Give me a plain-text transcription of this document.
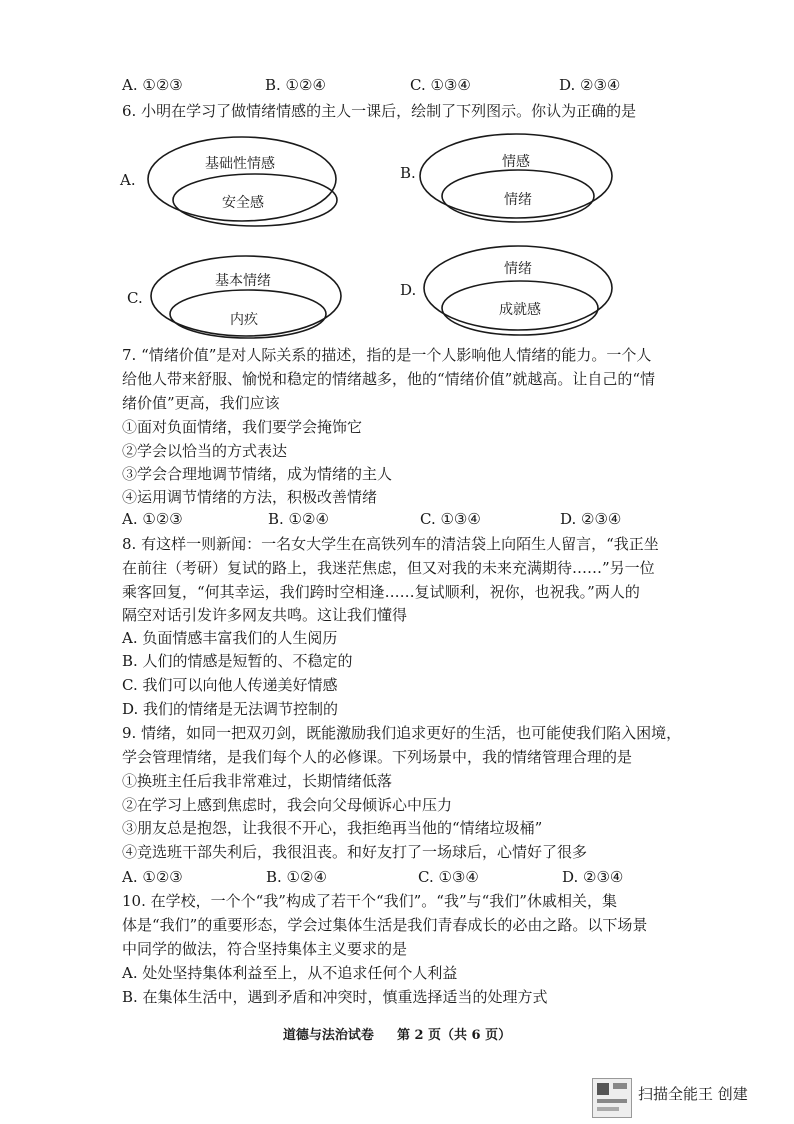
A. ①②③	B. ①②④	C. ①③④	D. ②③④
6. 小明在学习了做情绪情感的主人一课后，绘制了下列图示。你认为正确的是
A.
基础性情感
安全感
B.
情感
情绪
C.
基本情绪
内疚
D.
情绪
成就感
7. “情绪价值”是对人际关系的描述，指的是一个人影响他人情绪的能力。一个人
给他人带来舒服、愉悦和稳定的情绪越多，他的“情绪价值”就越高。让自己的“情
绪价值”更高，我们应该
①面对负面情绪，我们要学会掩饰它
②学会以恰当的方式表达
③学会合理地调节情绪，成为情绪的主人
④运用调节情绪的方法，积极改善情绪
A. ①②③	B. ①②④	C. ①③④	D. ②③④
8. 有这样一则新闻：一名女大学生在高铁列车的清洁袋上向陌生人留言，“我正坐
在前往（考研）复试的路上，我迷茫焦虑，但又对我的未来充满期待……”另一位
乘客回复，“何其幸运，我们跨时空相逢……复试顺利，祝你，也祝我。”两人的
隔空对话引发许多网友共鸣。这让我们懂得
A. 负面情感丰富我们的人生阅历
B. 人们的情感是短暂的、不稳定的
C. 我们可以向他人传递美好情感
D. 我们的情绪是无法调节控制的
9. 情绪，如同一把双刃剑，既能激励我们追求更好的生活，也可能使我们陷入困境，
学会管理情绪，是我们每个人的必修课。下列场景中，我的情绪管理合理的是
①换班主任后我非常难过，长期情绪低落
②在学习上感到焦虑时，我会向父母倾诉心中压力
③朋友总是抱怨，让我很不开心，我拒绝再当他的“情绪垃圾桶”
④竞选班干部失利后，我很沮丧。和好友打了一场球后，心情好了很多
A. ①②③	B. ①②④	C. ①③④	D. ②③④
10. 在学校，一个个“我”构成了若干个“我们”。“我”与“我们”休戚相关，集
体是“我们”的重要形态，学会过集体生活是我们青春成长的必由之路。以下场景
中同学的做法，符合坚持集体主义要求的是
A. 处处坚持集体利益至上，从不追求任何个人利益
B. 在集体生活中，遇到矛盾和冲突时，慎重选择适当的处理方式
道德与法治试卷 第 2 页（共 6 页）
扫描全能王 创建
